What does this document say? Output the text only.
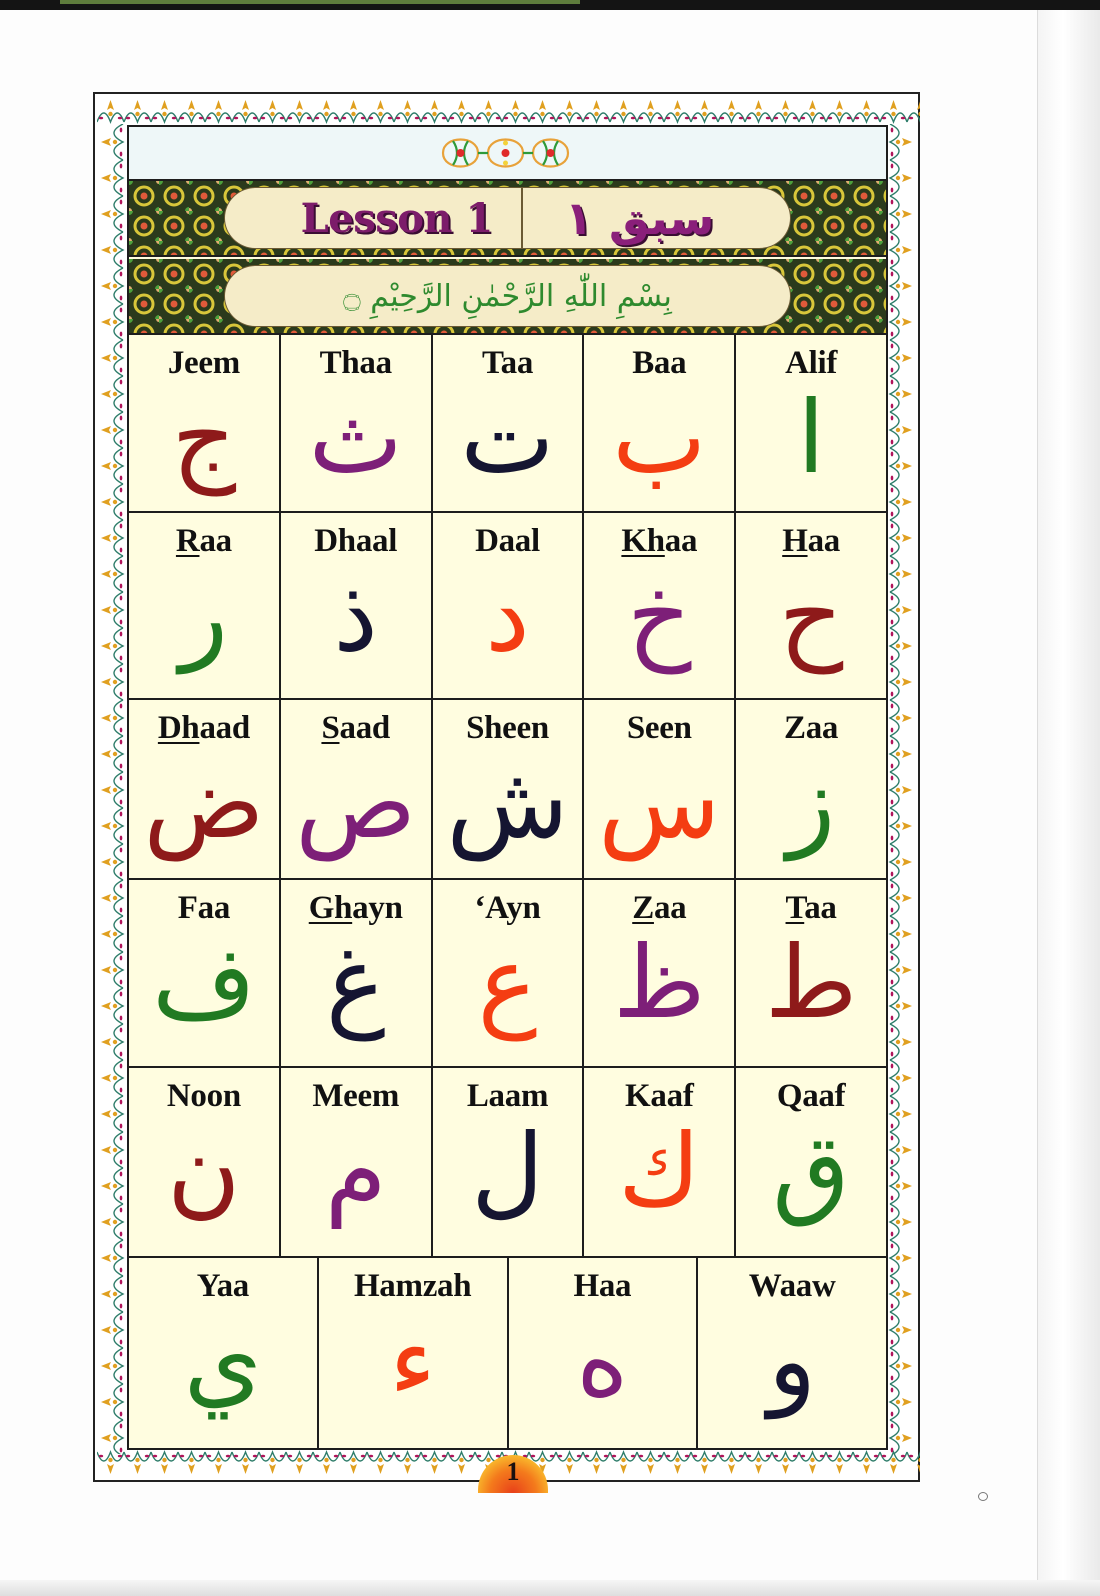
Lesson 1	سبق ١
بِسْمِ اللّٰهِ الرَّحْمٰنِ الرَّحِيْمِ ۝
Jeem
ج
Thaa
ث
Taa
ت
Baa
ب
Alif
ا
Raa
ر
Dhaal
ذ
Daal
د
Khaa
خ
Haa
ح
Dhaad
ض
Saad
ص
Sheen
ش
Seen
س
Zaa
ز
Faa
ف
Ghayn
غ
‘Ayn
ع
Zaa
ظ
Taa
ط
Noon
ن
Meem
م
Laam
ل
Kaaf
ك
Qaaf
ق
Yaa
ي
Hamzah
ء
Haa
ه
Waaw
و
1
